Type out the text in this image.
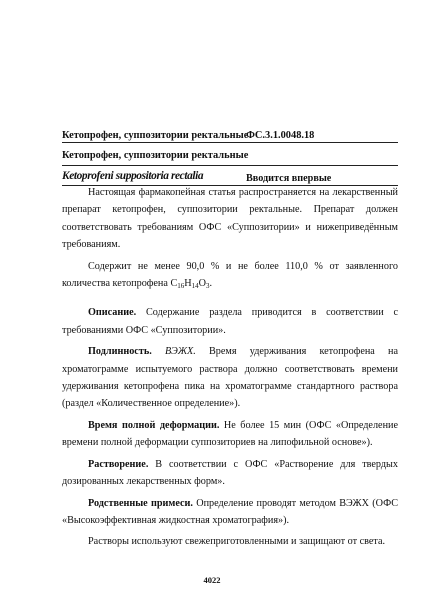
Кетопрофен, суппозитории ректальные
ФС.3.1.0048.18
Кетопрофен, суппозитории ректальные
Ketoprofeni suppositoria rectalia	Вводится впервые

Настоящая фармакопейная статья распространяется на лекарственный препарат кетопрофен, суппозитории ректальные. Препарат должен соответствовать требованиям ОФС «Суппозитории» и нижеприведённым требованиям.

Содержит не менее 90,0 % и не более 110,0 % от заявленного количества кетопрофена $C_{16}H_{14}O_3$.

Описание. Содержание раздела приводится в соответствии с требованиями ОФС «Суппозитории».

Подлинность. ВЭЖХ. Время удерживания кетопрофена на хроматограмме испытуемого раствора должно соответствовать времени удерживания кетопрофена пика на хроматограмме стандартного раствора (раздел «Количественное определение»).

Время полной деформации. Не более 15 мин (ОФС «Определение времени полной деформации суппозиториев на липофильной основе»).

Растворение. В соответствии с ОФС «Растворение для твердых дозированных лекарственных форм».

Родственные примеси. Определение проводят методом ВЭЖХ (ОФС «Высокоэффективная жидкостная хроматография»).

Растворы используют свежеприготовленными и защищают от света.

4022
